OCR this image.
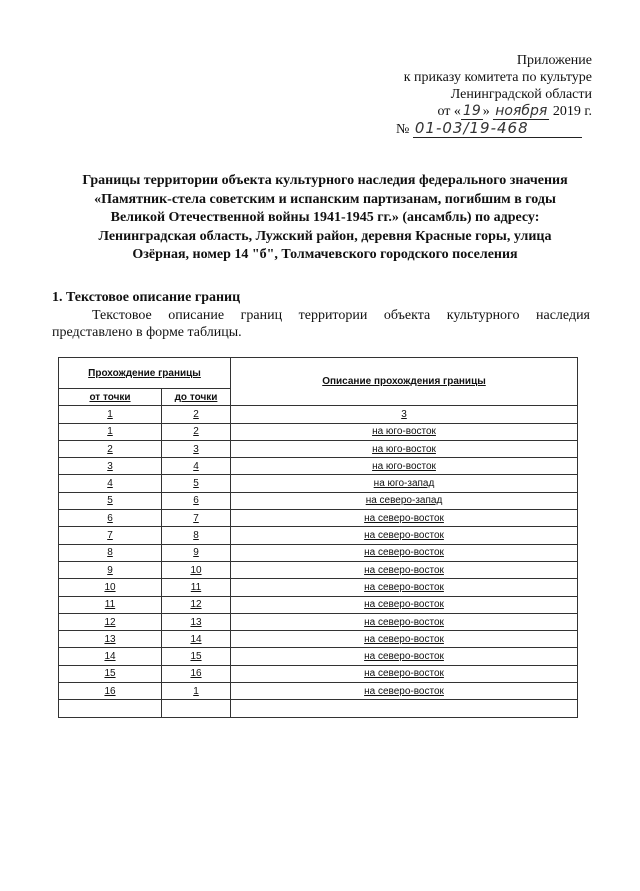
Приложение
к приказу комитета по культуре
Ленинградской области
от « 19 » ноября 2019 г.
№ 01-03/19-468
Границы территории объекта культурного наследия федерального значения
«Памятник-стела советским и испанским партизанам, погибшим в годы
Великой Отечественной войны 1941-1945 гг.» (ансамбль) по адресу:
Ленинградская область, Лужский район, деревня Красные горы, улица
Озёрная, номер 14 "б", Толмачевского городского поселения
1. Текстовое описание границ
Текстовое описание границ территории объекта культурного наследия представлено в форме таблицы.
Прохождение границы		Описание прохождения границы
от точки	до точки	
1	2	3
1	2	на юго-восток
2	3	на юго-восток
3	4	на юго-восток
4	5	на юго-запад
5	6	на северо-запад
6	7	на северо-восток
7	8	на северо-восток
8	9	на северо-восток
9	10	на северо-восток
10	11	на северо-восток
11	12	на северо-восток
12	13	на северо-восток
13	14	на северо-восток
14	15	на северо-восток
15	16	на северо-восток
16	1	на северо-восток
